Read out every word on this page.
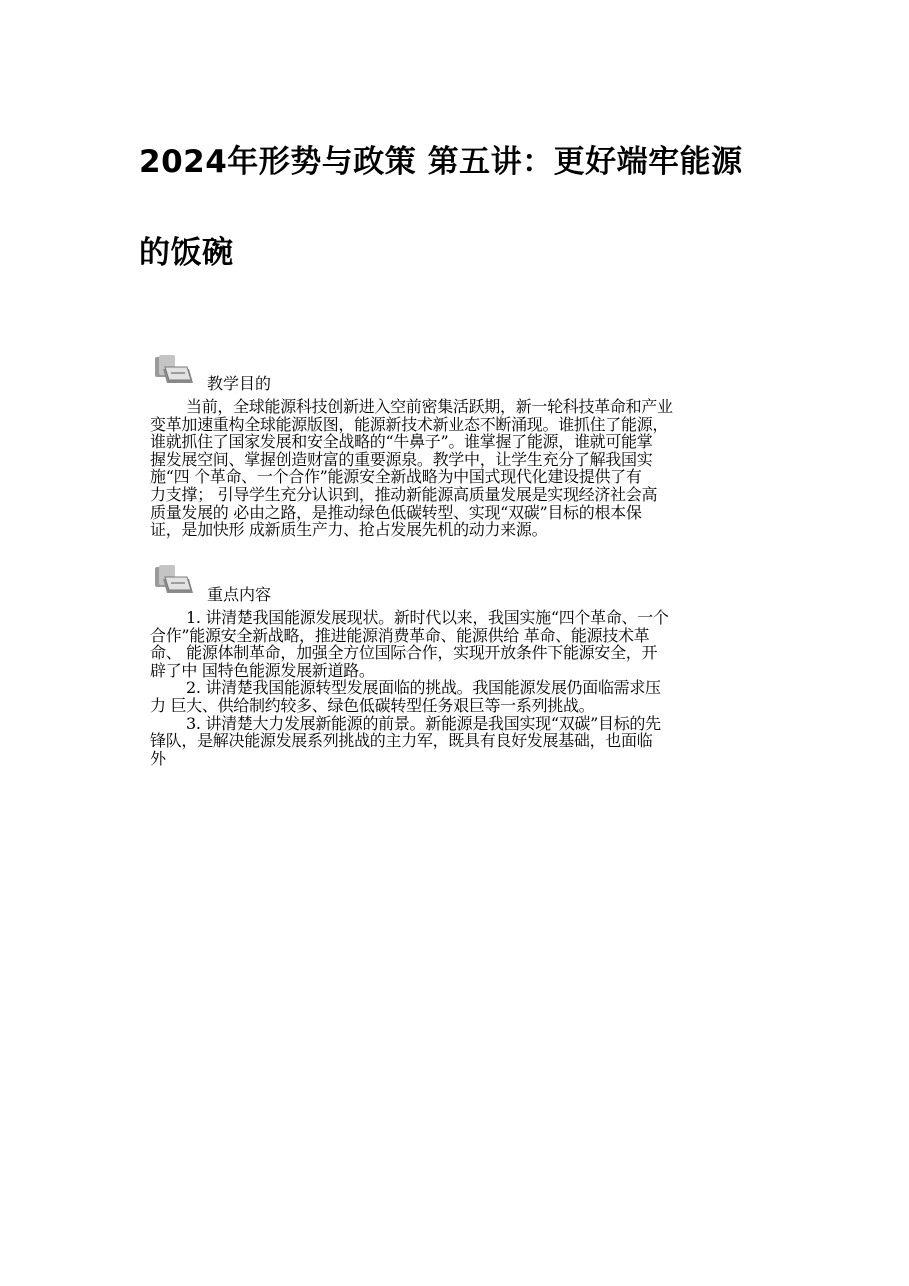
2024年形势与政策 第五讲：更好端牢能源
的饭碗
教学目的
当前，全球能源科技创新进入空前密集活跃期，新一轮科技革命和产业
变革加速重构全球能源版图，能源新技术新业态不断涌现。谁抓住了能源，
谁就抓住了国家发展和安全战略的“牛鼻子”。谁掌握了能源，谁就可能掌
握发展空间、掌握创造财富的重要源泉。教学中，让学生充分了解我国实
施“四 个革命、一个合作”能源安全新战略为中国式现代化建设提供了有
力支撑； 引导学生充分认识到，推动新能源高质量发展是实现经济社会高
质量发展的 必由之路，是推动绿色低碳转型、实现“双碳”目标的根本保
证，是加快形 成新质生产力、抢占发展先机的动力来源。
重点内容
1. 讲清楚我国能源发展现状。新时代以来，我国实施“四个革命、一个
合作”能源安全新战略，推进能源消费革命、能源供给 革命、能源技术革
命、 能源体制革命，加强全方位国际合作，实现开放条件下能源安全，开
辟了中 国特色能源发展新道路。
2. 讲清楚我国能源转型发展面临的挑战。我国能源发展仍面临需求压
力 巨大、供给制约较多、绿色低碳转型任务艰巨等一系列挑战。
3. 讲清楚大力发展新能源的前景。新能源是我国实现“双碳”目标的先
锋队，是解决能源发展系列挑战的主力军，既具有良好发展基础，也面临
外
